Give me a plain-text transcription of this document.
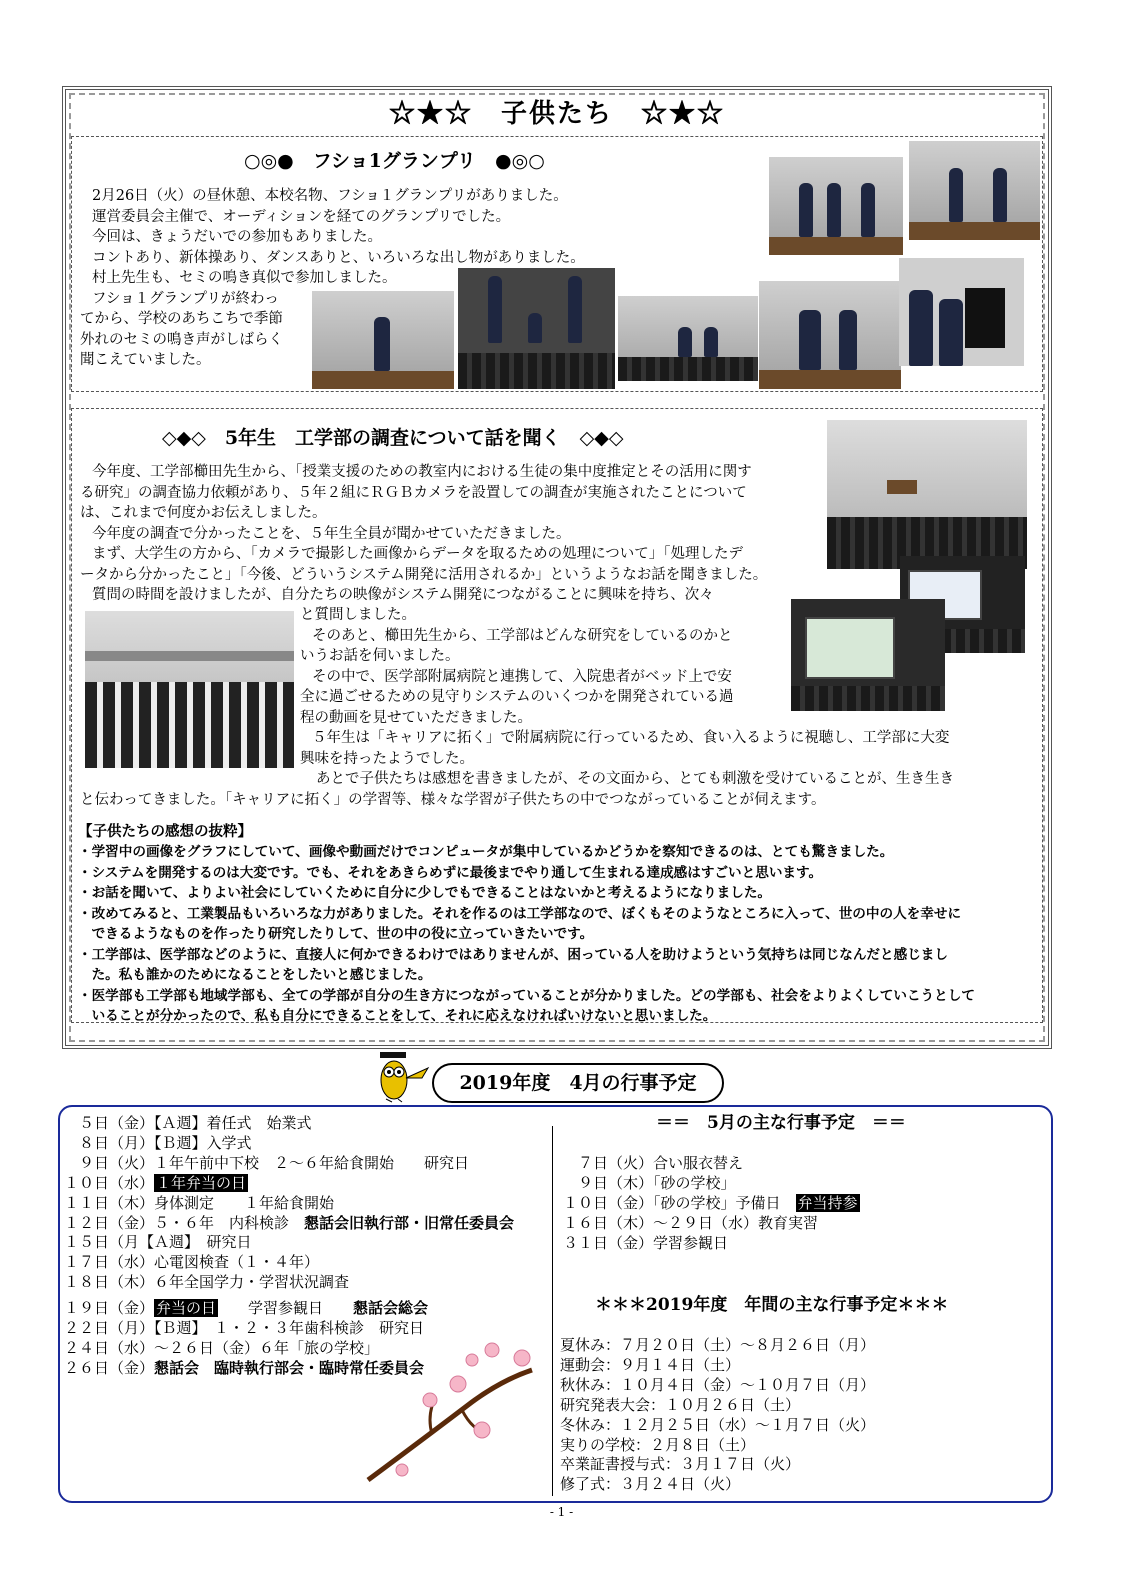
☆★☆　子供たち　☆★☆
○◎●　フショ1グランプリ　●◎○
2月26日（火）の昼休憩、本校名物、フショ１グランプリがありました。
運営委員会主催で、オーディションを経てのグランプリでした。
今回は、きょうだいでの参加もありました。
コントあり、新体操あり、ダンスありと、いろいろな出し物がありました。
村上先生も、セミの鳴き真似で参加しました。
フショ１グランプリが終わっ
てから、学校のあちこちで季節
外れのセミの鳴き声がしばらく
聞こえていました。
◇◆◇　5年生　工学部の調査について話を聞く　◇◆◇
今年度、工学部櫛田先生から、「授業支援のための教室内における生徒の集中度推定とその活用に関す
る研究」の調査協力依頼があり、５年２組にＲＧＢカメラを設置しての調査が実施されたことについて
は、これまで何度かお伝えしました。
今年度の調査で分かったことを、５年生全員が聞かせていただきました。
まず、大学生の方から、「カメラで撮影した画像からデータを取るための処理について」「処理したデ
ータから分かったこと」「今後、どういうシステム開発に活用されるか」というようなお話を聞きました。
質問の時間を設けましたが、自分たちの映像がシステム開発につながることに興味を持ち、次々
と質問しました。
そのあと、櫛田先生から、工学部はどんな研究をしているのかと
いうお話を伺いました。
その中で、医学部附属病院と連携して、入院患者がベッド上で安
全に過ごせるための見守りシステムのいくつかを開発されている過
程の動画を見せていただきました。
５年生は「キャリアに拓く」で附属病院に行っているため、食い入るように視聴し、工学部に大変
興味を持ったようでした。
あとで子供たちは感想を書きましたが、その文面から、とても刺激を受けていることが、生き生き
と伝わってきました。「キャリアに拓く」の学習等、様々な学習が子供たちの中でつながっていることが伺えます。
【子供たちの感想の抜粋】
・学習中の画像をグラフにしていて、画像や動画だけでコンピュータが集中しているかどうかを察知できるのは、とても驚きました。
・システムを開発するのは大変です。でも、それをあきらめずに最後までやり通して生まれる達成感はすごいと思います。
・お話を聞いて、よりよい社会にしていくために自分に少しでもできることはないかと考えるようになりました。
・改めてみると、工業製品もいろいろな力がありました。それを作るのは工学部なので、ぼくもそのようなところに入って、世の中の人を幸せに
　できるようなものを作ったり研究したりして、世の中の役に立っていきたいです。
・工学部は、医学部などのように、直接人に何かできるわけではありませんが、困っている人を助けようという気持ちは同じなんだと感じまし
　た。私も誰かのためになることをしたいと感じました。
・医学部も工学部も地域学部も、全ての学部が自分の生き方につながっていることが分かりました。どの学部も、社会をよりよくしていこうとして
　いることが分かったので、私も自分にできることをして、それに応えなければいけないと思いました。
2019年度　4月の行事予定
　５日（金）【Ａ週】着任式　始業式
　８日（月）【Ｂ週】入学式
　９日（火）１年午前中下校　２～６年給食開始　　研究日
１０日（水） １年弁当の日
１１日（木）身体測定　　１年給食開始
１２日（金）５・６年　内科検診　懇話会旧執行部・旧常任委員会
１５日（月【Ａ週】　研究日
１７日（水）心電図検査（１・４年）
１８日（木）６年全国学力・学習状況調査
１９日（金） 弁当の日　　学習参観日　　懇話会総会
２２日（月）【Ｂ週】　１・２・３年歯科検診　研究日
２４日（水）～２６日（金）６年「旅の学校」
２６日（金）懇話会　臨時執行部会・臨時常任委員会
＝＝　5月の主な行事予定　＝＝
　７日（火）合い服衣替え
　９日（木）「砂の学校」
１０日（金）「砂の学校」予備日　弁当持参
１６日（木）～２９日（水）教育実習
３１日（金）学習参観日
＊＊＊2019年度　年間の主な行事予定＊＊＊
夏休み：７月２０日（土）～８月２６日（月）
運動会：９月１４日（土）
秋休み：１０月４日（金）～１０月７日（月）
研究発表大会：１０月２６日（土）
冬休み：１２月２５日（水）～１月７日（火）
実りの学校：２月８日（土）
卒業証書授与式：３月１７日（火）
修了式：３月２４日（火）
- 1 -
